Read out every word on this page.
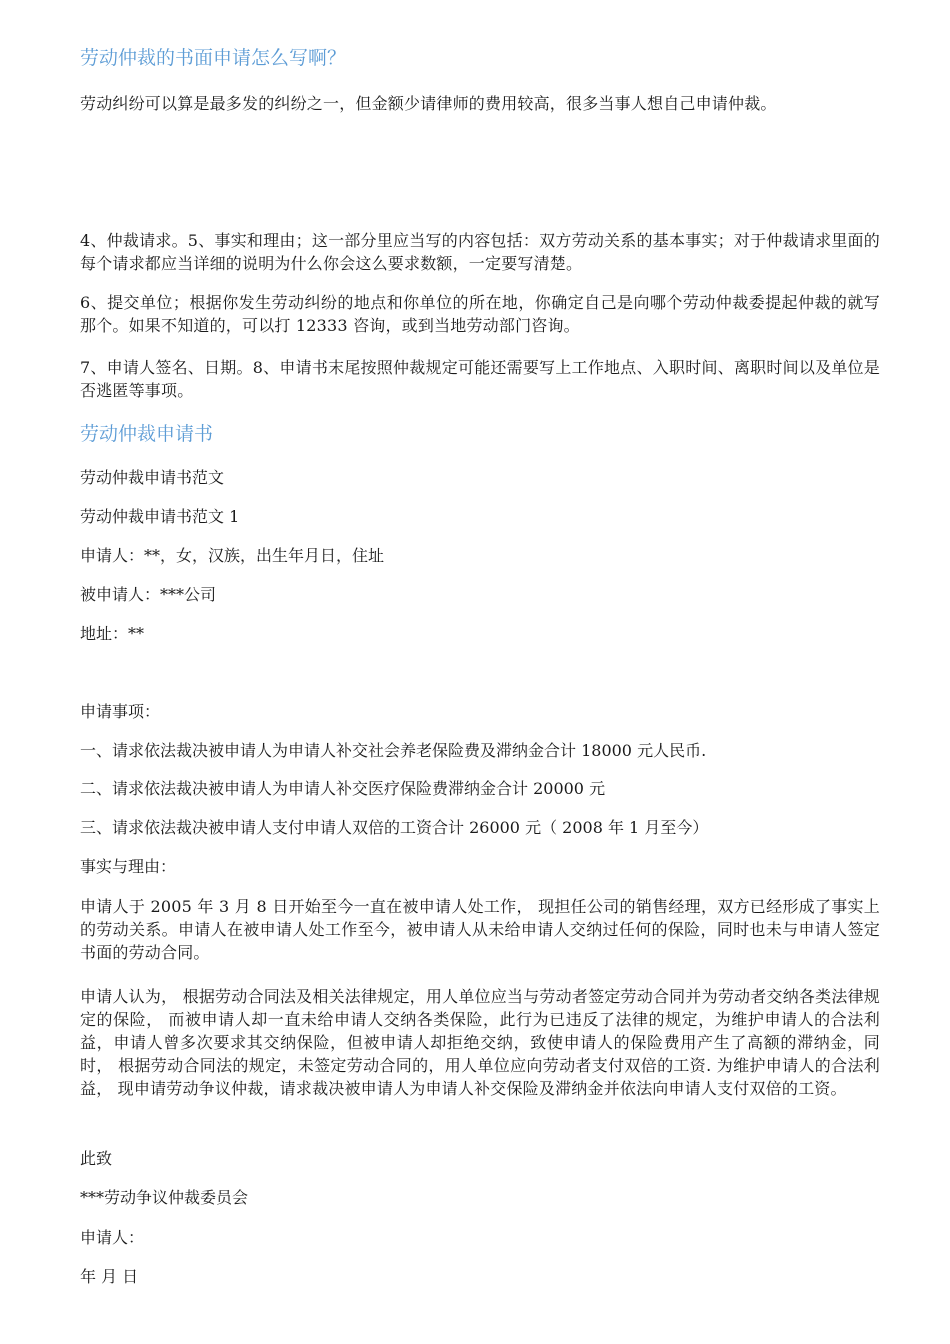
劳动仲裁的书面申请怎么写啊？

劳动纠纷可以算是最多发的纠纷之一，但金额少请律师的费用较高，很多当事人想自己申请仲裁。

4、仲裁请求。5、事实和理由；这一部分里应当写的内容包括：双方劳动关系的基本事实；对于仲裁请求里面的每个请求都应当详细的说明为什么你会这么要求数额，一定要写清楚。

6、提交单位；根据你发生劳动纠纷的地点和你单位的所在地，你确定自己是向哪个劳动仲裁委提起仲裁的就写那个。如果不知道的，可以打 12333 咨询，或到当地劳动部门咨询。

7、申请人签名、日期。8、申请书末尾按照仲裁规定可能还需要写上工作地点、入职时间、离职时间以及单位是否逃匿等事项。

劳动仲裁申请书

劳动仲裁申请书范文

劳动仲裁申请书范文 1

申请人：**，女，汉族，出生年月日，住址

被申请人：***公司

地址：**

申请事项：

一、请求依法裁决被申请人为申请人补交社会养老保险费及滞纳金合计 18000 元人民币.

二、请求依法裁决被申请人为申请人补交医疗保险费滞纳金合计 20000 元

三、请求依法裁决被申请人支付申请人双倍的工资合计 26000 元（ 2008 年 1 月至今）

事实与理由：

申请人于 2005 年 3 月 8 日开始至今一直在被申请人处工作， 现担任公司的销售经理，双方已经形成了事实上的劳动关系。申请人在被申请人处工作至今，被申请人从未给申请人交纳过任何的保险，同时也未与申请人签定书面的劳动合同。

申请人认为， 根据劳动合同法及相关法律规定，用人单位应当与劳动者签定劳动合同并为劳动者交纳各类法律规定的保险， 而被申请人却一直未给申请人交纳各类保险，此行为已违反了法律的规定，为维护申请人的合法利益，申请人曾多次要求其交纳保险，但被申请人却拒绝交纳，致使申请人的保险费用产生了高额的滞纳金，同时， 根据劳动合同法的规定，未签定劳动合同的，用人单位应向劳动者支付双倍的工资. 为维护申请人的合法利益， 现申请劳动争议仲裁，请求裁决被申请人为申请人补交保险及滞纳金并依法向申请人支付双倍的工资。

此致

***劳动争议仲裁委员会

申请人：

年 月 日
